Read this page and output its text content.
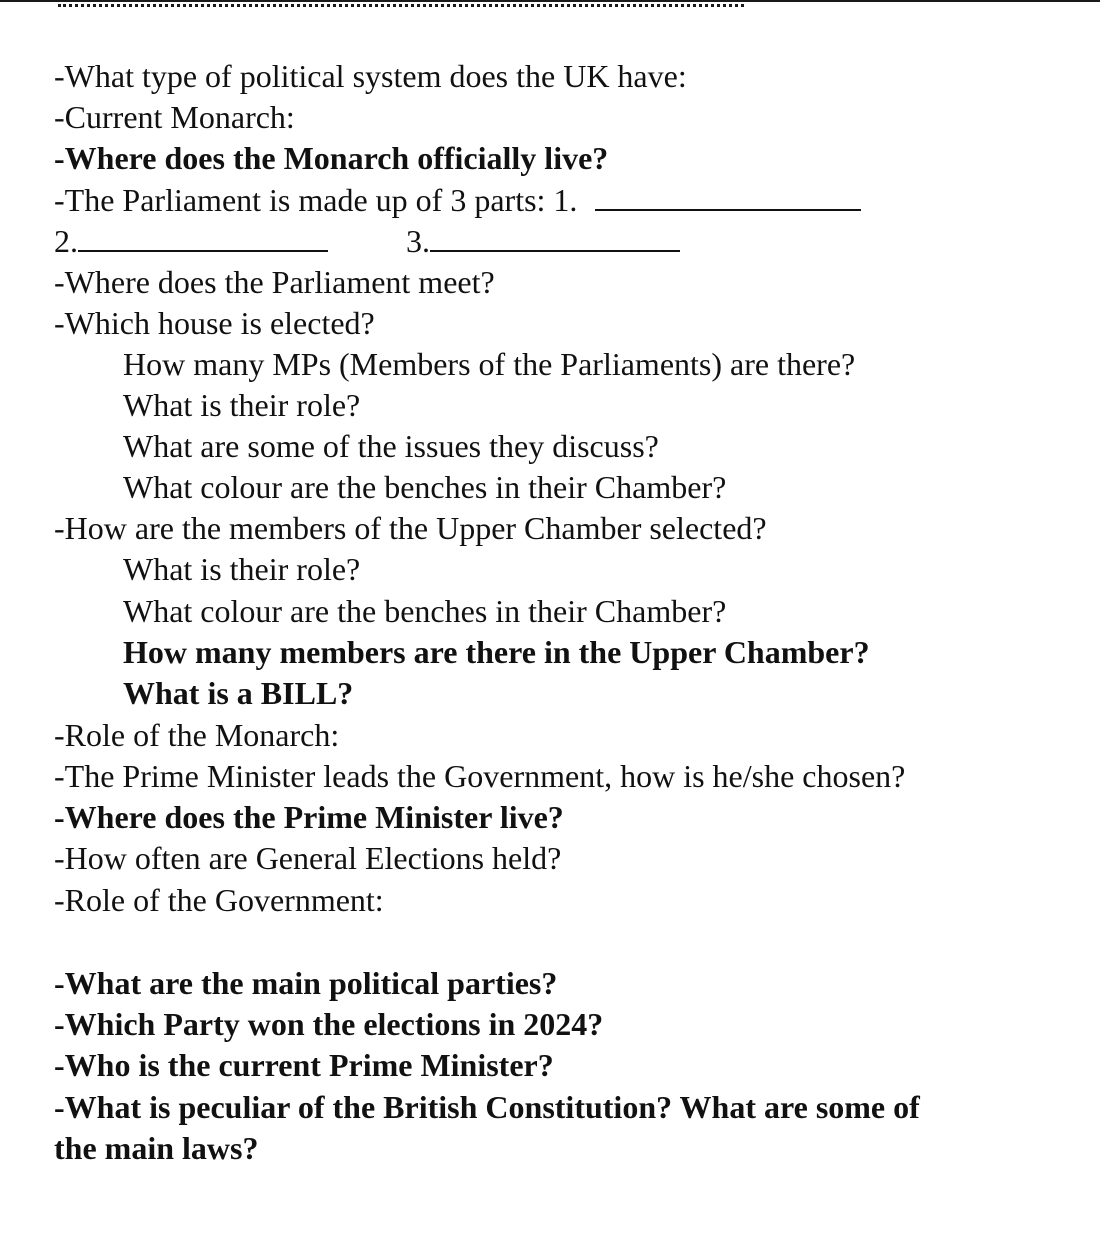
-What type of political system does the UK have:
-Current Monarch:
-Where does the Monarch officially live?
-The Parliament is made up of 3 parts: 1.
2.	3.
-Where does the Parliament meet?
-Which house is elected?
How many MPs (Members of the Parliaments) are there?
What is their role?
What are some of the issues they discuss?
What colour are the benches in their Chamber?
-How are the members of the Upper Chamber selected?
What is their role?
What colour are the benches in their Chamber?
How many members are there in the Upper Chamber?
What is a BILL?
-Role of the Monarch:
-The Prime Minister leads the Government, how is he/she chosen?
-Where does the Prime Minister live?
-How often are General Elections held?
-Role of the Government:
-What are the main political parties?
-Which Party won the elections in 2024?
-Who is the current Prime Minister?
-What is peculiar of the British Constitution? What are some of
the main laws?
